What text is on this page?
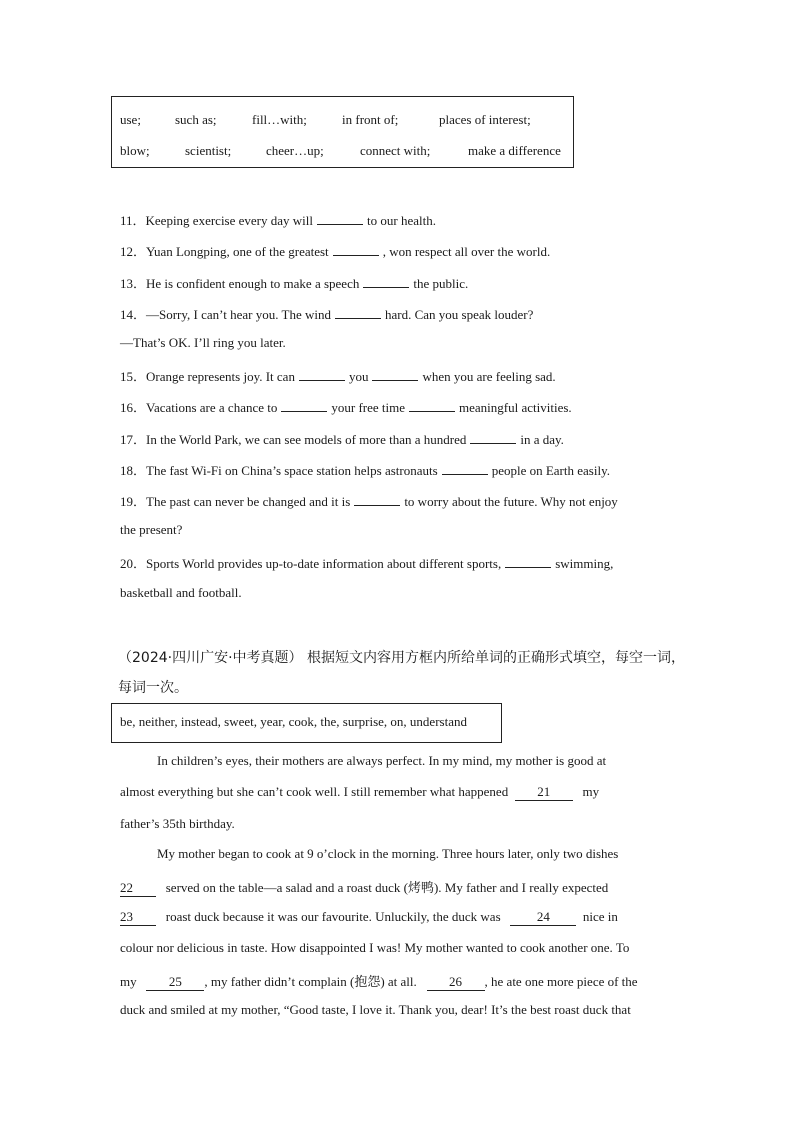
use;	such as;	fill…with;	in front of;	places of interest;
blow;	scientist;	cheer…up;	connect with;	make a difference
11．Keeping exercise every day will	to our health.
12．Yuan Longping, one of the greatest	, won respect all over the world.
13．He is confident enough to make a speech	the public.
14．—Sorry, I can’t hear you. The wind	hard. Can you speak louder?
—That’s OK. I’ll ring you later.
15．Orange represents joy. It can	you	when you are feeling sad.
16．Vacations are a chance to	your free time	meaningful activities.
17．In the World Park, we can see models of more than a hundred	in a day.
18．The fast Wi-Fi on China’s space station helps astronauts	people on Earth easily.
19．The past can never be changed and it is	to worry about the future. Why not enjoy
the present?
20．Sports World provides up-to-date information about different sports,	swimming,
basketball and football.
（2024·四川广安·中考真题） 根据短文内容用方框内所给单词的正确形式填空，每空一词，
每词一次。
be, neither, instead, sweet, year, cook, the, surprise, on, understand
In children’s eyes, their mothers are always perfect. In my mind, my mother is good at
almost everything but she can’t cook well. I still remember what happened 21 my
father’s 35th birthday.
My mother began to cook at 9 o’clock in the morning. Three hours later, only two dishes
22	served on the table—a salad and a roast duck (烤鸭). My father and I really expected
23	roast duck because it was our favourite. Unluckily, the duck was	24	nice in
colour nor delicious in taste. How disappointed I was! My mother wanted to cook another one. To
my 25 , my father didn’t complain (抱怨) at all. 26 , he ate one more piece of the
duck and smiled at my mother, “Good taste, I love it. Thank you, dear! It’s the best roast duck that
